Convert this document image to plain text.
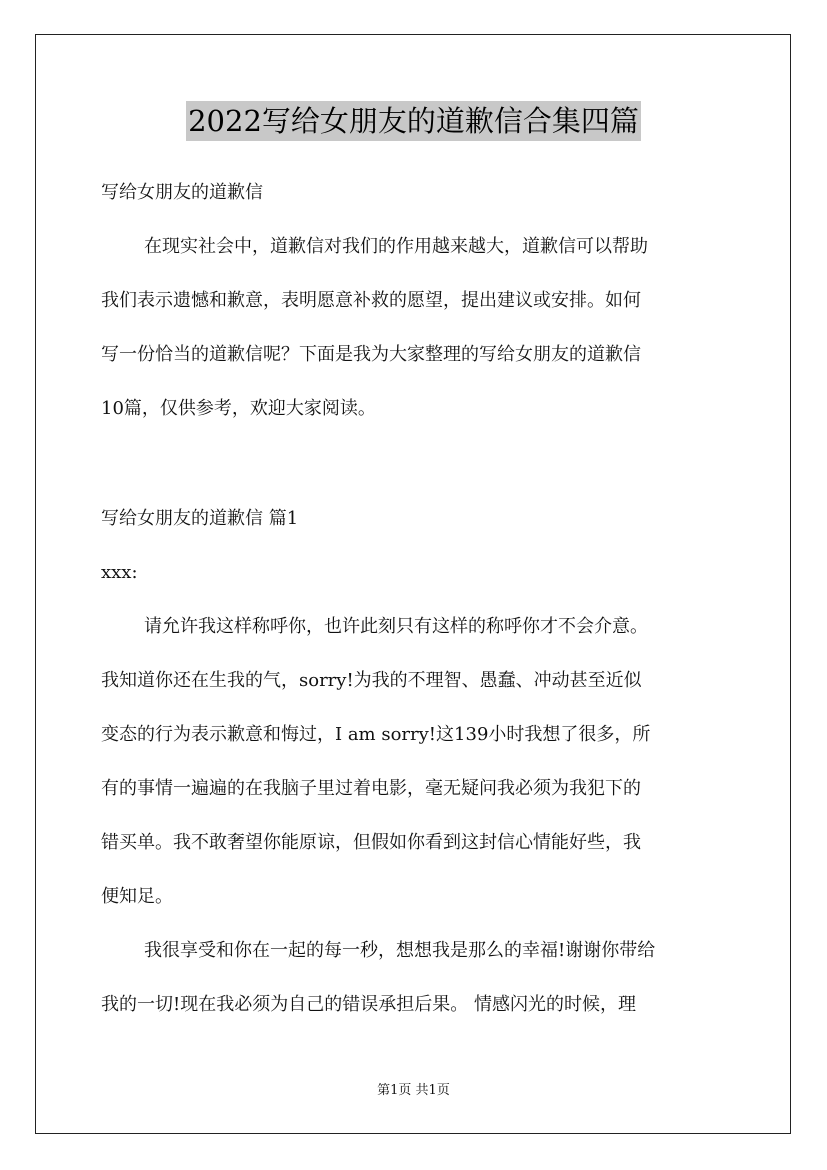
2022写给女朋友的道歉信合集四篇
写给女朋友的道歉信
在现实社会中，道歉信对我们的作用越来越大，道歉信可以帮助
我们表示遗憾和歉意，表明愿意补救的愿望，提出建议或安排。如何
写一份恰当的道歉信呢？下面是我为大家整理的写给女朋友的道歉信
10篇，仅供参考，欢迎大家阅读。
写给女朋友的道歉信 篇1
xxx:
请允许我这样称呼你，也许此刻只有这样的称呼你才不会介意。
我知道你还在生我的气，sorry!为我的不理智、愚蠢、冲动甚至近似
变态的行为表示歉意和悔过，I am sorry!这139小时我想了很多，所
有的事情一遍遍的在我脑子里过着电影，毫无疑问我必须为我犯下的
错买单。我不敢奢望你能原谅，但假如你看到这封信心情能好些，我
便知足。
我很享受和你在一起的每一秒，想想我是那么的幸福!谢谢你带给
我的一切!现在我必须为自己的错误承担后果。 情感闪光的时候，理
第1页 共1页
